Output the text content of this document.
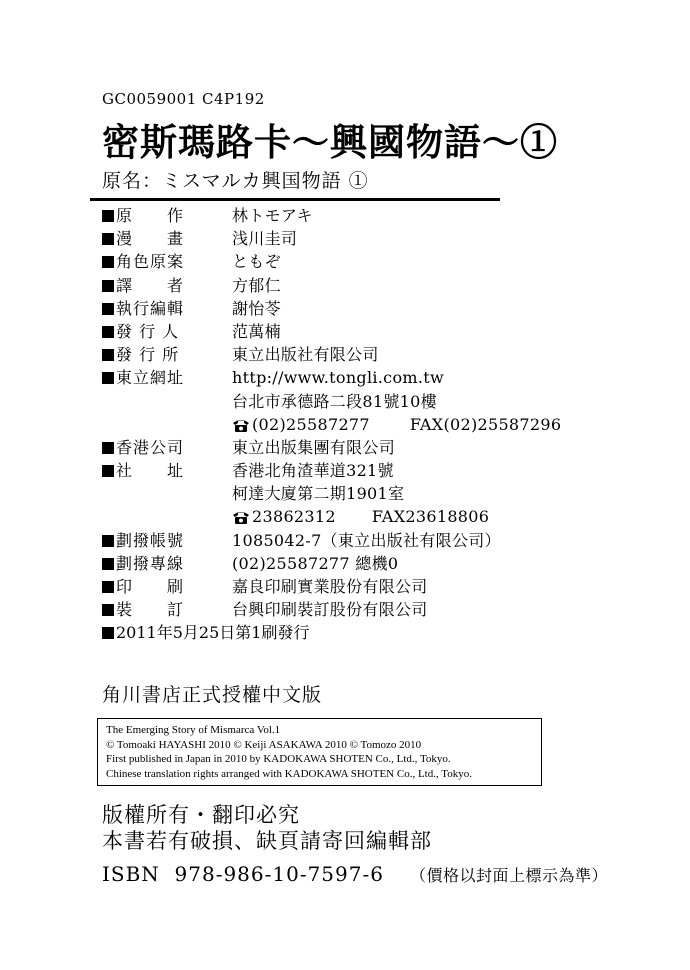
GC0059001 C4P192
密斯瑪路卡～興國物語～①
原名：ミスマルカ興国物語 ①
原　　作	林トモアキ
漫　　畫	浅川圭司
角色原案	ともぞ
譯　　者	方郁仁
執行編輯	謝怡苓
發 行 人	范萬楠
發 行 所	東立出版社有限公司
東立網址	http://www.tongli.com.tw
台北市承德路二段81號10樓
(02)25587277	FAX(02)25587296
香港公司	東立出版集團有限公司
社　　址	香港北角渣華道321號
柯達大廈第二期1901室
23862312 FAX23618806
劃撥帳號	1085042-7（東立出版社有限公司）
劃撥專線	(02)25587277 總機0
印　　刷	嘉良印刷實業股份有限公司
裝　　訂	台興印刷裝訂股份有限公司
2011年5月25日第1刷發行
角川書店正式授權中文版
The Emerging Story of Mismarca Vol.1
© Tomoaki HAYASHI 2010 © Keiji ASAKAWA 2010 © Tomozo 2010
First published in Japan in 2010 by KADOKAWA SHOTEN Co., Ltd., Tokyo.
Chinese translation rights arranged with KADOKAWA SHOTEN Co., Ltd., Tokyo.
版權所有・翻印必究
本書若有破損、缺頁請寄回編輯部
ISBN  978-986-10-7597-6 （價格以封面上標示為準）
